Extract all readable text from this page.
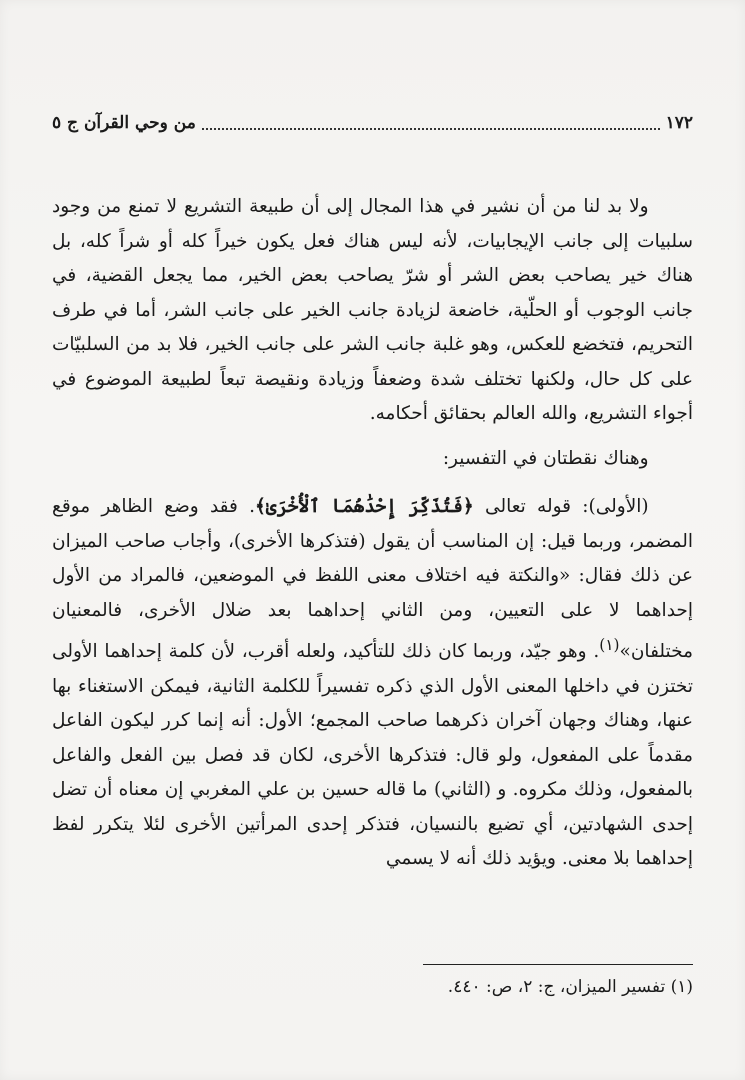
١٧٢
من وحي القرآن ج ٥

ولا بد لنا من أن نشير في هذا المجال إلى أن طبيعة التشريع لا تمنع من وجود سلبيات إلى جانب الإيجابيات، لأنه ليس هناك فعل يكون خيراً كله أو شراً كله، بل هناك خير يصاحب بعض الشر أو شرّ يصاحب بعض الخير، مما يجعل القضية، في جانب الوجوب أو الحلّية، خاضعة لزيادة جانب الخير على جانب الشر، أما في طرف التحريم، فتخضع للعكس، وهو غلبة جانب الشر على جانب الخير، فلا بد من السلبيّات على كل حال، ولكنها تختلف شدة وضعفاً وزيادة ونقيصة تبعاً لطبيعة الموضوع في أجواء التشريع، والله العالم بحقائق أحكامه.

وهناك نقطتان في التفسير:

(الأولى): قوله تعالى ﴿فَتُذَكِّرَ إِحْدَٰهُمَا ٱلْأُخْرَىٰ﴾. فقد وضع الظاهر موقع المضمر، وربما قيل: إن المناسب أن يقول (فتذكرها الأخرى)، وأجاب صاحب الميزان عن ذلك فقال: «والنكتة فيه اختلاف معنى اللفظ في الموضعين، فالمراد من الأول إحداهما لا على التعيين، ومن الثاني إحداهما بعد ضلال الأخرى، فالمعنيان مختلفان»$^{(١)}$. وهو جيّد، وربما كان ذلك للتأكيد، ولعله أقرب، لأن كلمة إحداهما الأولى تختزن في داخلها المعنى الأول الذي ذكره تفسيراً للكلمة الثانية، فيمكن الاستغناء بها عنها، وهناك وجهان آخران ذكرهما صاحب المجمع؛ الأول: أنه إنما كرر ليكون الفاعل مقدماً على المفعول، ولو قال: فتذكرها الأخرى، لكان قد فصل بين الفعل والفاعل بالمفعول، وذلك مكروه. و (الثاني) ما قاله حسين بن علي المغربي إن معناه أن تضل إحدى الشهادتين، أي تضيع بالنسيان، فتذكر إحدى المرأتين الأخرى لئلا يتكرر لفظ إحداهما بلا معنى. ويؤيد ذلك أنه لا يسمي

(١) تفسير الميزان، ج: ٢، ص: ٤٤٠.
